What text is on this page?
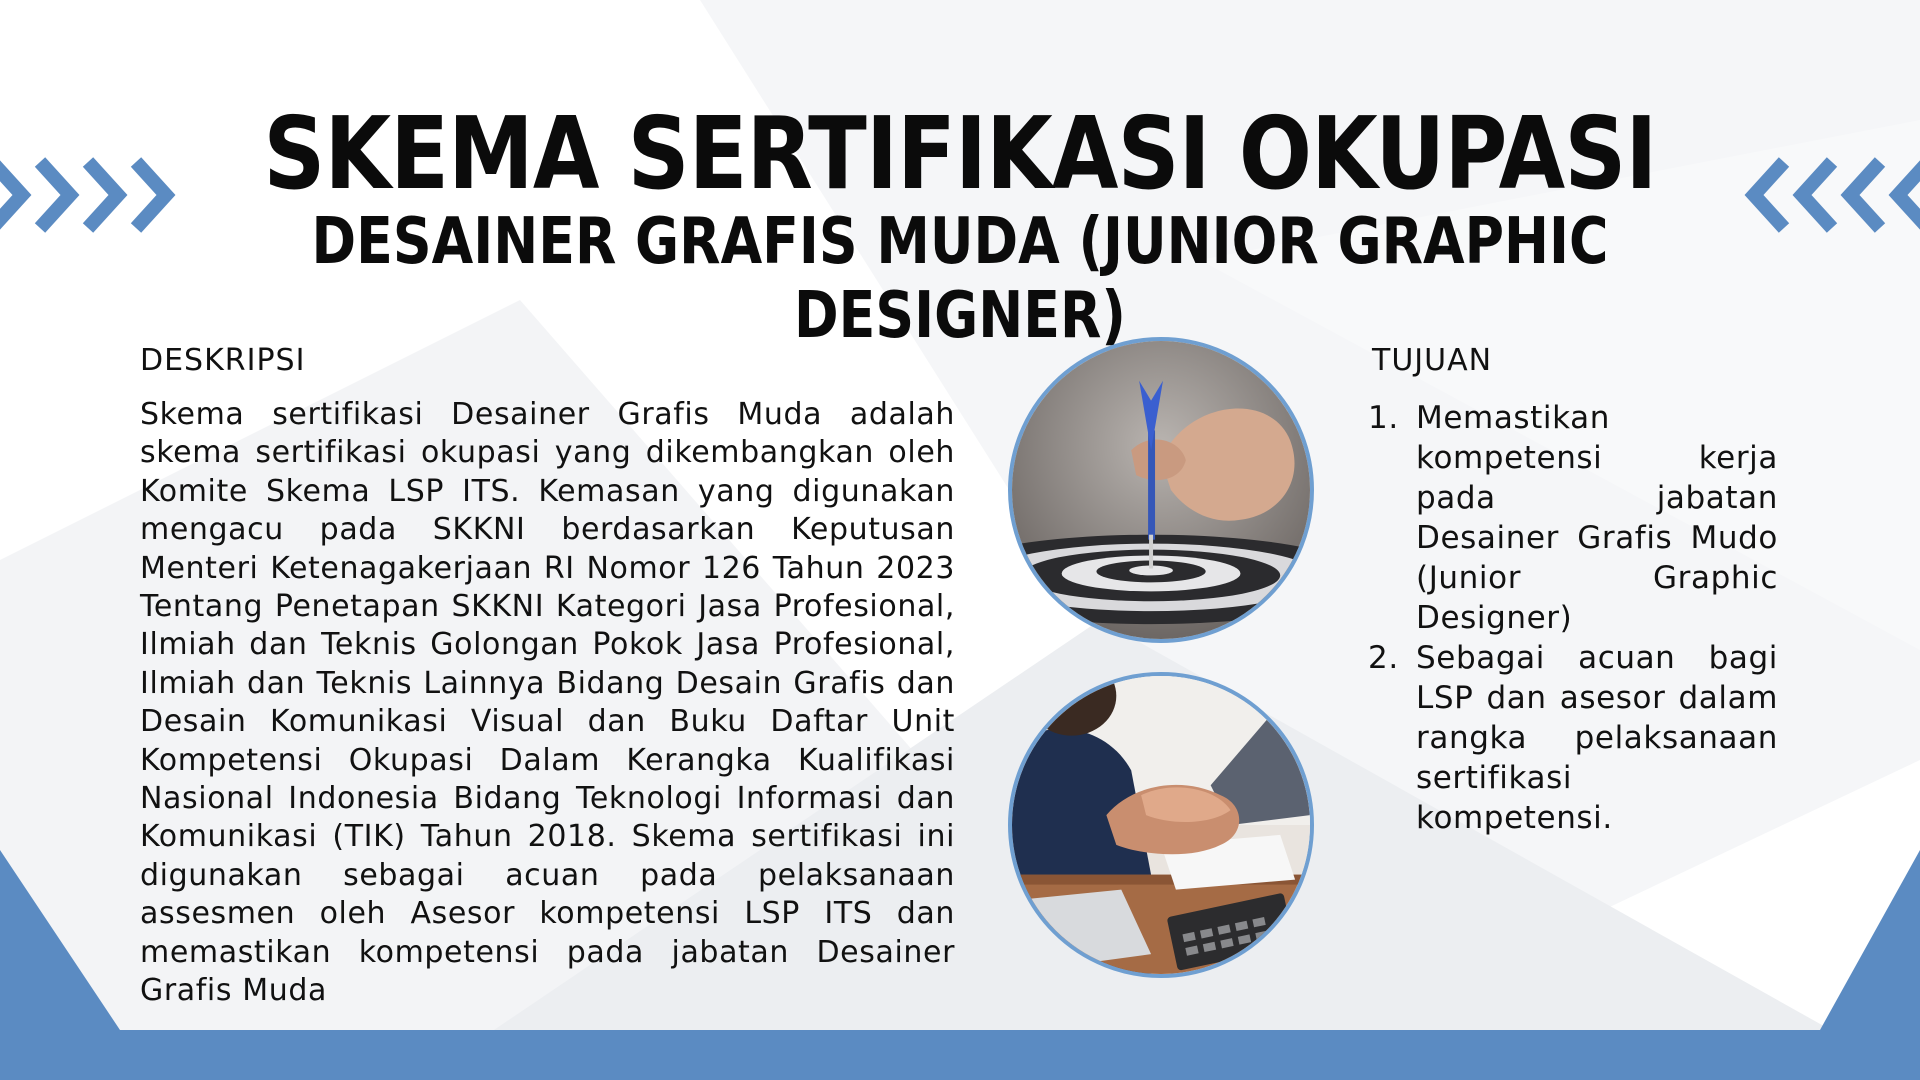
SKEMA SERTIFIKASI OKUPASI
DESAINER GRAFIS MUDA (JUNIOR GRAPHIC DESIGNER)
DESKRIPSI

Skema sertifikasi Desainer Grafis Muda adalah skema sertifikasi okupasi yang dikembangkan oleh Komite Skema LSP ITS. Kemasan yang digunakan mengacu pada SKKNI berdasarkan Keputusan Menteri Ketenagakerjaan RI Nomor 126 Tahun 2023 Tentang Penetapan SKKNI Kategori Jasa Profesional, Ilmiah dan Teknis Golongan Pokok Jasa Profesional, Ilmiah dan Teknis Lainnya Bidang Desain Grafis dan Desain Komunikasi Visual dan Buku Daftar Unit Kompetensi Okupasi Dalam Kerangka Kualifikasi Nasional Indonesia Bidang Teknologi Informasi dan Komunikasi (TIK) Tahun 2018. Skema sertifikasi ini digunakan sebagai acuan pada pelaksanaan assesmen oleh Asesor kompetensi LSP ITS dan memastikan kompetensi pada jabatan Desainer Grafis Muda

TUJUAN
1. Memastikan kompetensi kerja pada jabatan Desainer Grafis Mudo (Junior Graphic Designer)
2. Sebagai acuan bagi LSP dan asesor dalam rangka pelaksanaan sertifikasi kompetensi.
